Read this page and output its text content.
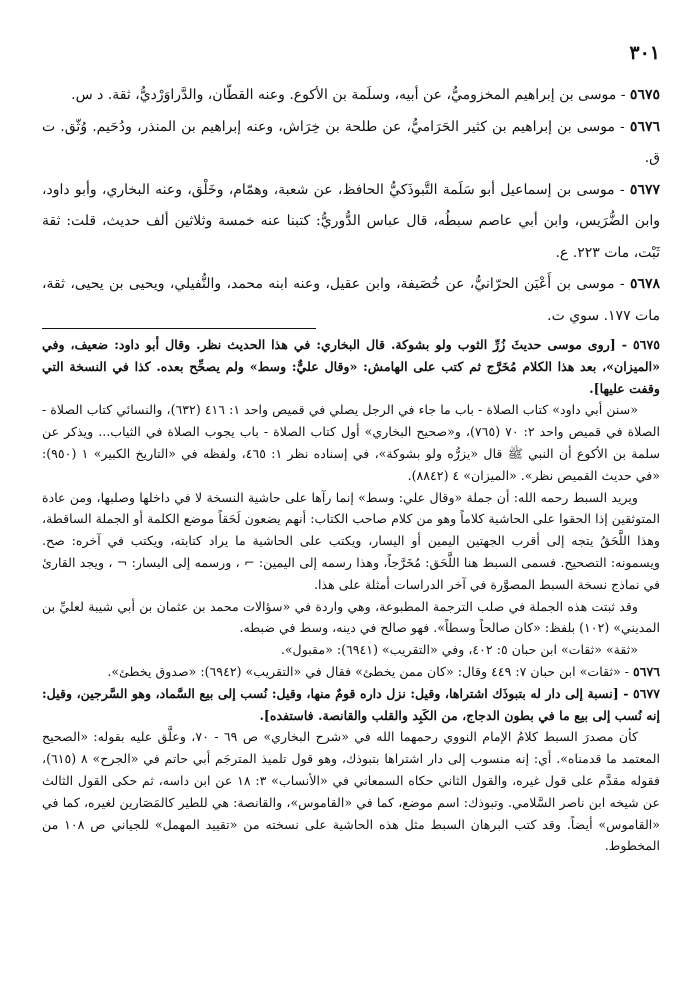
٣٠١

٥٦٧٥ - موسى بن إبراهيم المخزوميُّ، عن أبيه، وسلَمة بن الأكوع. وعنه القطّان، والدَّراوَرْديُّ، ثقة. د س.

٥٦٧٦ - موسى بن إبراهيم بن كثير الحَرَاميُّ، عن طلحة بن خِرَاش، وعنه إبراهيم بن المنذر، ودُحَيم. وُثّق. ت ق.

٥٦٧٧ - موسى بن إسماعيل أبو سَلَمة التَّبوذَكيُّ الحافظ، عن شعبة، وهمّام، وخَلْق، وعنه البخاري، وأبو داود، وابن الضُّرَيس، وابن أبي عاصم سبطُه، قال عباس الدُّوريُّ: كتبنا عنه خمسة وثلاثين ألف حديث، قلت: ثقة ثَبْت، مات ٢٢٣. ع.

٥٦٧٨ - موسى بن أَعْيَن الحرّانيُّ، عن خُصَيفة، وابن عقيل، وعنه ابنه محمد، والنُّفيلي، ويحيى بن يحيى، ثقة، مات ١٧٧. سوي ت.

٥٦٧٥ - [روى موسى حديثَ زُرِّ الثوب ولو بشوكة. قال البخاري: في هذا الحديث نظر. وقال أبو داود: ضعيف، وفي «الميزان»، بعد هذا الكلام مُخَرَّج ثم كتب على الهامش: «وقال عليٌّ: وسط» ولم يصحِّح بعده. كذا في النسخة التي وقفت عليها].

«سنن أبي داود» كتاب الصلاة - باب ما جاء في الرجل يصلي في قميص واحد ١: ٤١٦ (٦٣٢)، والنسائي كتاب الصلاة - الصلاة في قميص واحد ٢: ٧٠ (٧٦٥)، و«صحيح البخاري» أول كتاب الصلاة - باب يجوب الصلاة في الثياب... ويذكر عن سلمة بن الأكوع أن النبي ﷺ قال «يزرُّه ولو بشوكة»، في إسناده نظر ١: ٤٦٥، ولفظه في «التاريخ الكبير» ١ (٩٥٠): «في حديث القميص نظر». «الميزان» ٤ (٨٨٤٢).

ويريد السبط رحمه الله: أن جملة «وقال علي: وسط» إنما رآها على حاشية النسخة لا في داخلها وصلبها، ومن عادة المتوثقين إذا الحقوا على الحاشية كلاماً وهو من كلام صاحب الكتاب: أنهم يضعون لَحَقاً موضع الكلمة أو الجملة الساقطة، وهذا اللَّحَقُ يتجه إلى أقرب الجهتين اليمين أو اليسار، ويكتب على الحاشية ما يراد كتابته، ويكتب في آخره: صح. ويسمونه: التصحيح. فسمى السبط هنا اللَّحَق: مُخَرَّجاً، وهذا رسمه إلى اليمين: ⌐ ، ورسمه إلى اليسار: ¬ ، ويجد القارئ في نماذج نسخة السبط المصوَّرة في آخر الدراسات أمثلة على هذا.

وقد ثبتت هذه الجملة في صلب الترجمة المطبوعة، وهي واردة في «سؤالات محمد بن عثمان بن أبي شيبة لعليِّ بن المديني» (١٠٢) بلفظ: «كان صالحاً وسطاً». فهو صالح في دينه، وسط في ضبطه.

«ثقة» «ثقات» ابن حبان ٥: ٤٠٢، وفي «التقريب» (٦٩٤١): «مقبول».

٥٦٧٦ - «ثقات» ابن حبان ٧: ٤٤٩ وقال: «كان ممن يخطئ» فقال في «التقريب» (٦٩٤٢): «صدوق يخطئ».

٥٦٧٧ - [نسبة إلى دار له بتبوذَك اشتراها، وقيل: نزل داره قومٌ منها، وقيل: نُسب إلى بيع السَّماد، وهو السَّرجين، وقيل: إنه نُسب إلى بيع ما في بطون الدجاج، من الكَبِد والقلب والقانصة. فاستفده].

كأن مصدرَ السبط كلامُ الإمام النووي رحمهما الله في «شرح البخاري» ص ٦٩ - ٧٠، وعلَّق عليه بقوله: «الصحيح المعتمد ما قدمناه». أي: إنه منسوب إلى دار اشتراها بتبوذك، وهو قول تلميذ المترجَم أبي حاتم في «الجرح» ٨ (٦١٥)، فقوله مقدَّم على قول غيره، والقول الثاني حكاه السمعاني في «الأنساب» ٣: ١٨ عن ابن داسه، ثم حكى القول الثالث عن شيخه ابن ناصر السَّلامي. وتبوذك: اسم موضع، كما في «القاموس»، والقانصة: هي للطير كالمَصَارين لغيره، كما في «القاموس» أيضاً. وقد كتب البرهان السبط مثل هذه الحاشية على نسخته من «تقييد المهمل» للجياني ص ١٠٨ من المخطوط.
